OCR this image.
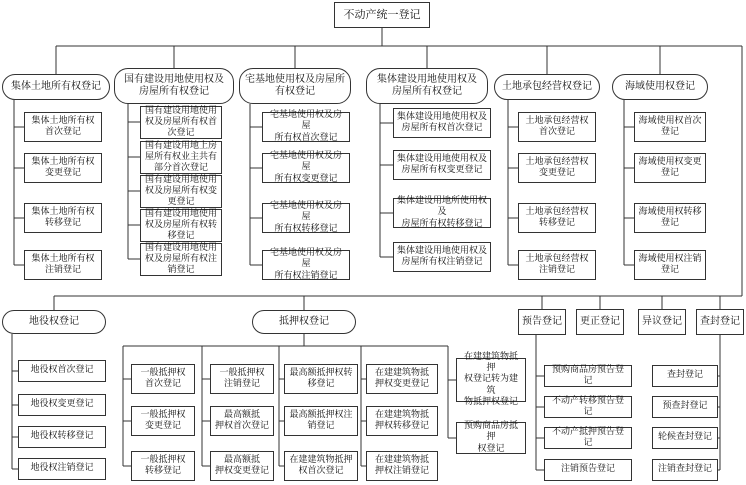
不动产统一登记
集体土地所有权登记
国有建设用地使用权及
房屋所有权登记
宅基地使用权及房屋所
有权登记
集体建设用地使用权及
房屋所有权登记	土地承包经营权登记	海域使用权登记
集体土地所有权
首次登记
集体土地所有权
变更登记
集体土地所有权
转移登记
集体土地所有权
注销登记
国有建设用地使用
权及房屋所有权首
次登记
国有建设用地上房
屋所有权业主共有
部分首次登记
国有建设用地使用
权及房屋所有权变
更登记
国有建设用地使用
权及房屋所有权转
移登记
国有建设用地使用
权及房屋所有权注
销登记
宅基地使用权及房屋
所有权首次登记
宅基地使用权及房屋
所有权变更登记
宅基地使用权及房屋
所有权转移登记
宅基地使用权及房屋
所有权注销登记
集体建设用地使用权及
房屋所有权首次登记
集体建设用地使用权及
房屋所有权变更登记
集体建设用地所使用权及
房屋所有权转移登记
集体建设用地使用权及
房屋所有权注销登记
土地承包经营权
首次登记
土地承包经营权
变更登记
土地承包经营权
转移登记
土地承包经营权
注销登记
海域使用权首次
登记
海域使用权变更
登记
海域使用权转移
登记
海域使用权注销
登记
地役权登记	抵押权登记	预告登记 更正登记 异议登记 查封登记
地役权首次登记
地役权变更登记
地役权转移登记
地役权注销登记
一般抵押权
首次登记
一般抵押权
变更登记
一般抵押权
转移登记
一般抵押权
注销登记
最高额抵
押权首次登记
最高额抵
押权变更登记
最高额抵押权转
移登记
最高额抵押权注
销登记
在建建筑物抵押
权首次登记
在建建筑物抵
押权变更登记
在建建筑物抵
押权转移登记
在建建筑物抵
押权注销登记
在建建筑物抵押
权登记转为建筑
物抵押权登记
预购商品房抵押
权登记
预购商品房预告登记
不动产转移预告登记
不动产抵押预告登记
注销预告登记
查封登记
预查封登记
轮候查封登记
注销查封登记
